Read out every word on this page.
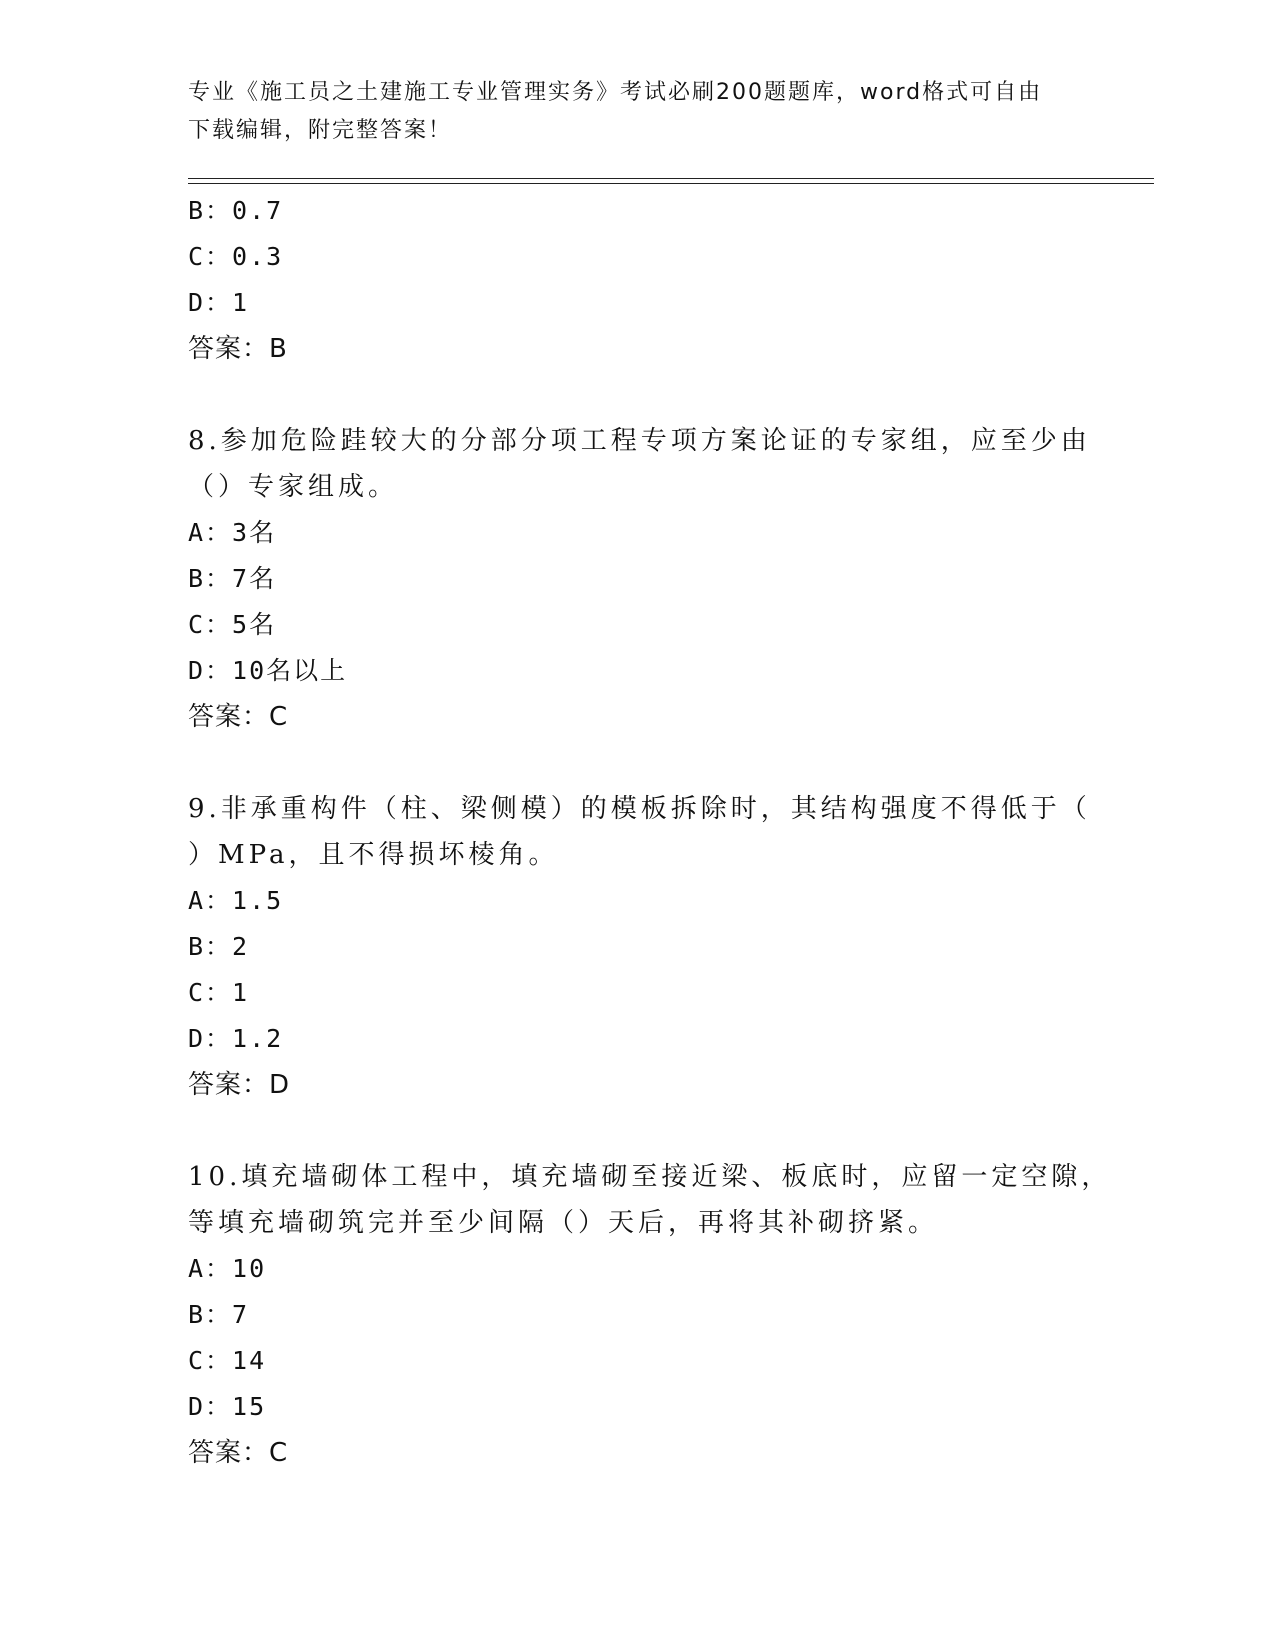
专业《施工员之土建施工专业管理实务》考试必刷200题题库，word格式可自由
下载编辑，附完整答案！
B：0.7
C：0.3
D：1
答案：B
8.参加危险跬较大的分部分项工程专项方案论证的专家组，应至少由
（）专家组成。
A：3名
B：7名
C：5名
D：10名以上
答案：C
9.非承重构件（柱、梁侧模）的模板拆除时，其结构强度不得低于（
）MPa，且不得损坏棱角。
A：1.5
B：2
C：1
D：1.2
答案：D
10.填充墙砌体工程中，填充墙砌至接近梁、板底时，应留一定空隙，
等填充墙砌筑完并至少间隔（）天后，再将其补砌挤紧。
A：10
B：7
C：14
D：15
答案：C
